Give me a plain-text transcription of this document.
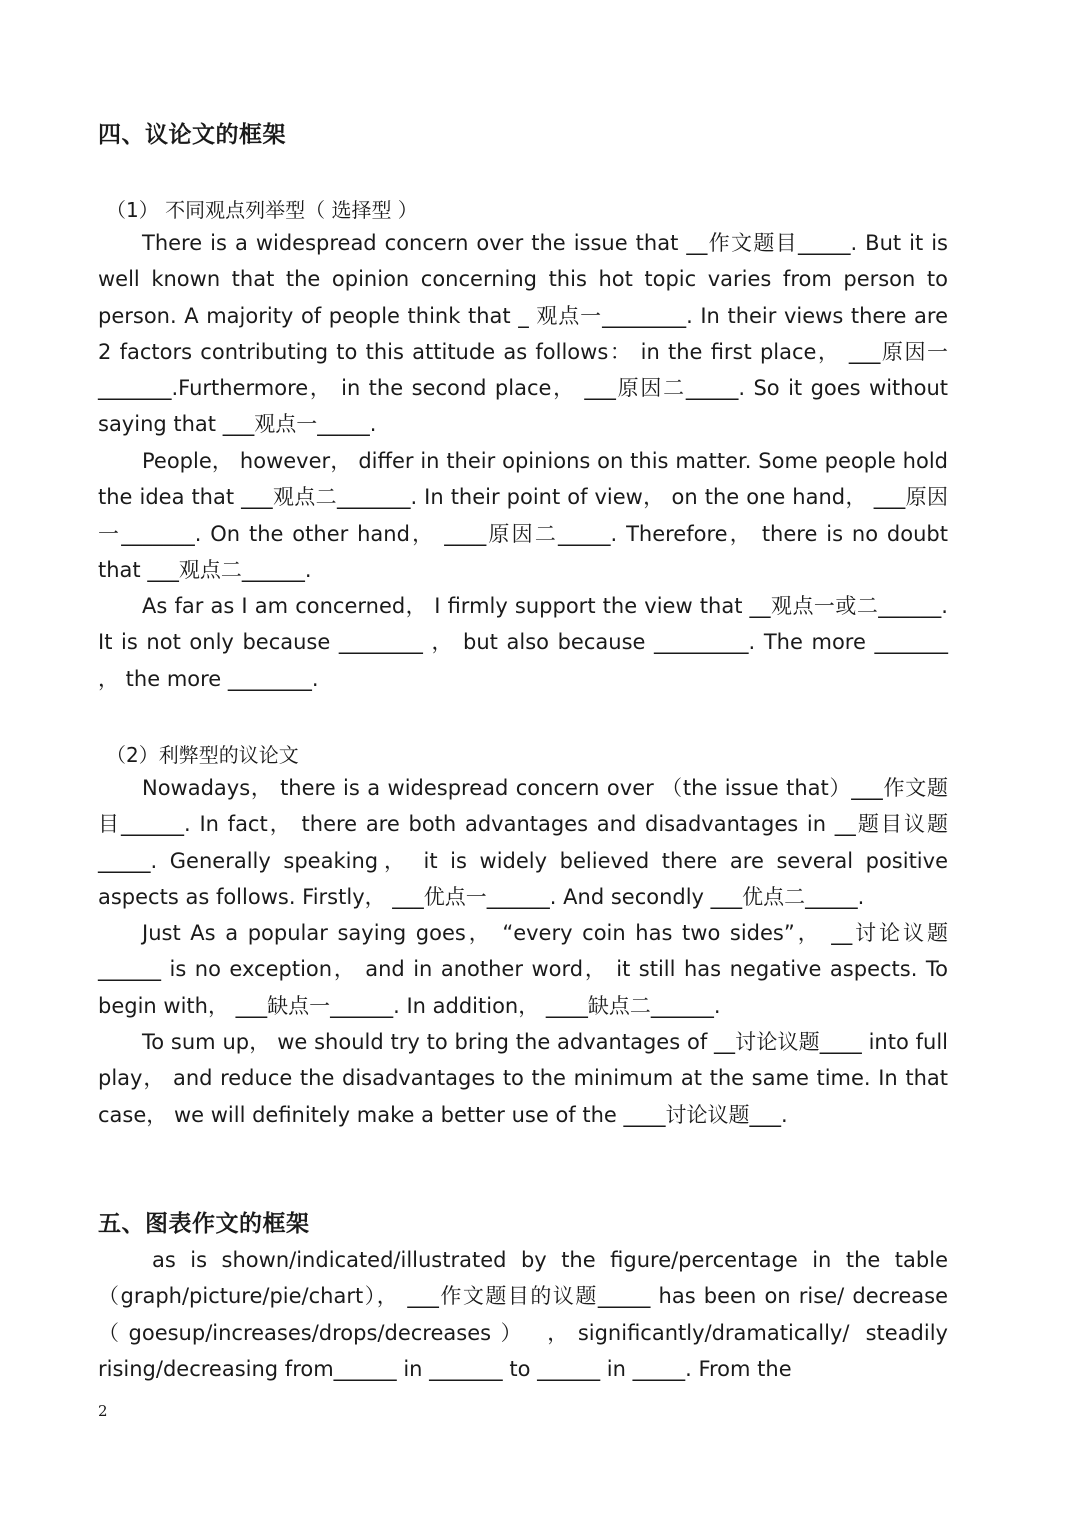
四、议论文的框架
（1） 不同观点列举型（ 选择型 ）

There is a widespread concern over the issue that __作文题目_____. But it is well known that the opinion concerning this hot topic varies from person to person. A majority of people think that _ 观点一________. In their views there are 2 factors contributing to this attitude as follows： in the first place， ___原因一_______.Furthermore， in the second place， ___原因二_____. So it goes without saying that ___观点一_____.

People， however， differ in their opinions on this matter. Some people hold the idea that ___观点二_______. In their point of view， on the one hand， ___原因一_______. On the other hand， ____原因二_____. Therefore， there is no doubt that ___观点二______.

As far as I am concerned， I firmly support the view that __观点一或二______. It is not only because ________ ， but also because _________. The more _______ ， the more ________.

（2）利弊型的议论文

Nowadays， there is a widespread concern over （the issue that）___作文题目______. In fact， there are both advantages and disadvantages in __题目议题_____. Generally speaking， it is widely believed there are several positive aspects as follows. Firstly， ___优点一______. And secondly ___优点二_____.

Just As a popular saying goes， “every coin has two sides”， __讨论议题______ is no exception， and in another word， it still has negative aspects. To begin with， ___缺点一______. In addition， ____缺点二______.

To sum up， we should try to bring the advantages of __讨论议题____ into full play， and reduce the disadvantages to the minimum at the same time. In that case， we will definitely make a better use of the ____讨论议题___.

五、图表作文的框架

as is shown/indicated/illustrated by the figure/percentage in the table （graph/picture/pie/chart）， ___作文题目的议题_____ has been on rise/ decrease （goesup/increases/drops/decreases） ，significantly/dramatically/ steadily rising/decreasing from______ in _______ to ______ in _____. From the

2
